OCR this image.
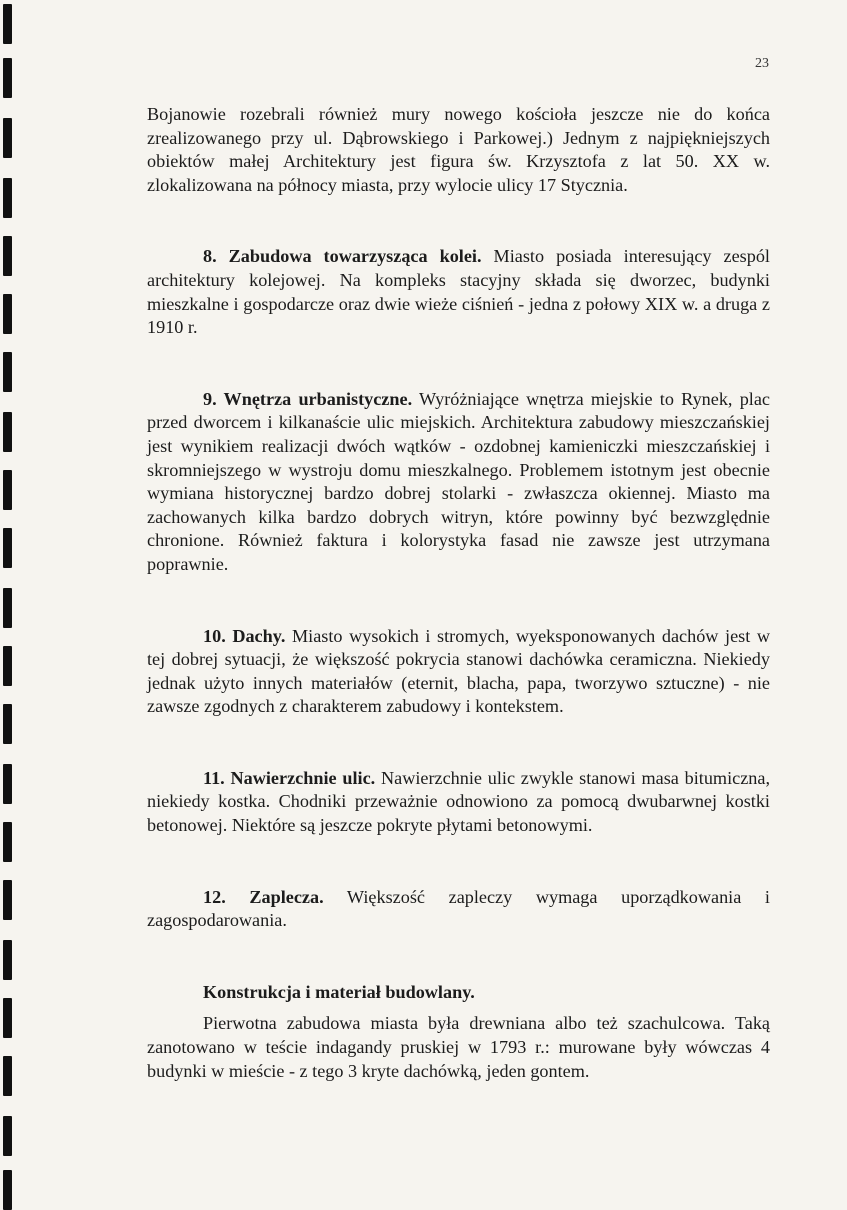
23

Bojanowie rozebrali również mury nowego kościoła jeszcze nie do końca zrealizowanego przy ul. Dąbrowskiego i Parkowej.) Jednym z najpiękniejszych obiektów małej Architektury jest figura św. Krzysztofa z lat 50. XX w. zlokalizowana na północy miasta, przy wylocie ulicy 17 Stycznia.

8. Zabudowa towarzysząca kolei. Miasto posiada interesujący zespól architektury kolejowej. Na kompleks stacyjny składa się dworzec, budynki mieszkalne i gospodarcze oraz dwie wieże ciśnień - jedna z połowy XIX w. a druga z 1910 r.

9. Wnętrza urbanistyczne. Wyróżniające wnętrza miejskie to Rynek, plac przed dworcem i kilkanaście ulic miejskich. Architektura zabudowy mieszczańskiej jest wynikiem realizacji dwóch wątków - ozdobnej kamieniczki mieszczańskiej i skromniejszego w wystroju domu mieszkalnego. Problemem istotnym jest obecnie wymiana historycznej bardzo dobrej stolarki - zwłaszcza okiennej. Miasto ma zachowanych kilka bardzo dobrych witryn, które powinny być bezwzględnie chronione. Również faktura i kolorystyka fasad nie zawsze jest utrzymana poprawnie.

10. Dachy. Miasto wysokich i stromych, wyeksponowanych dachów jest w tej dobrej sytuacji, że większość pokrycia stanowi dachówka ceramiczna. Niekiedy jednak użyto innych materiałów (eternit, blacha, papa, tworzywo sztuczne) - nie zawsze zgodnych z charakterem zabudowy i kontekstem.

11. Nawierzchnie ulic. Nawierzchnie ulic zwykle stanowi masa bitumiczna, niekiedy kostka. Chodniki przeważnie odnowiono za pomocą dwubarwnej kostki betonowej. Niektóre są jeszcze pokryte płytami betonowymi.

12. Zaplecza. Większość zapleczy wymaga uporządkowania i zagospodarowania.

Konstrukcja i materiał budowlany.

Pierwotna zabudowa miasta była drewniana albo też szachulcowa. Taką zanotowano w teście indagandy pruskiej w 1793 r.: murowane były wówczas 4 budynki w mieście - z tego 3 kryte dachówką, jeden gontem.
